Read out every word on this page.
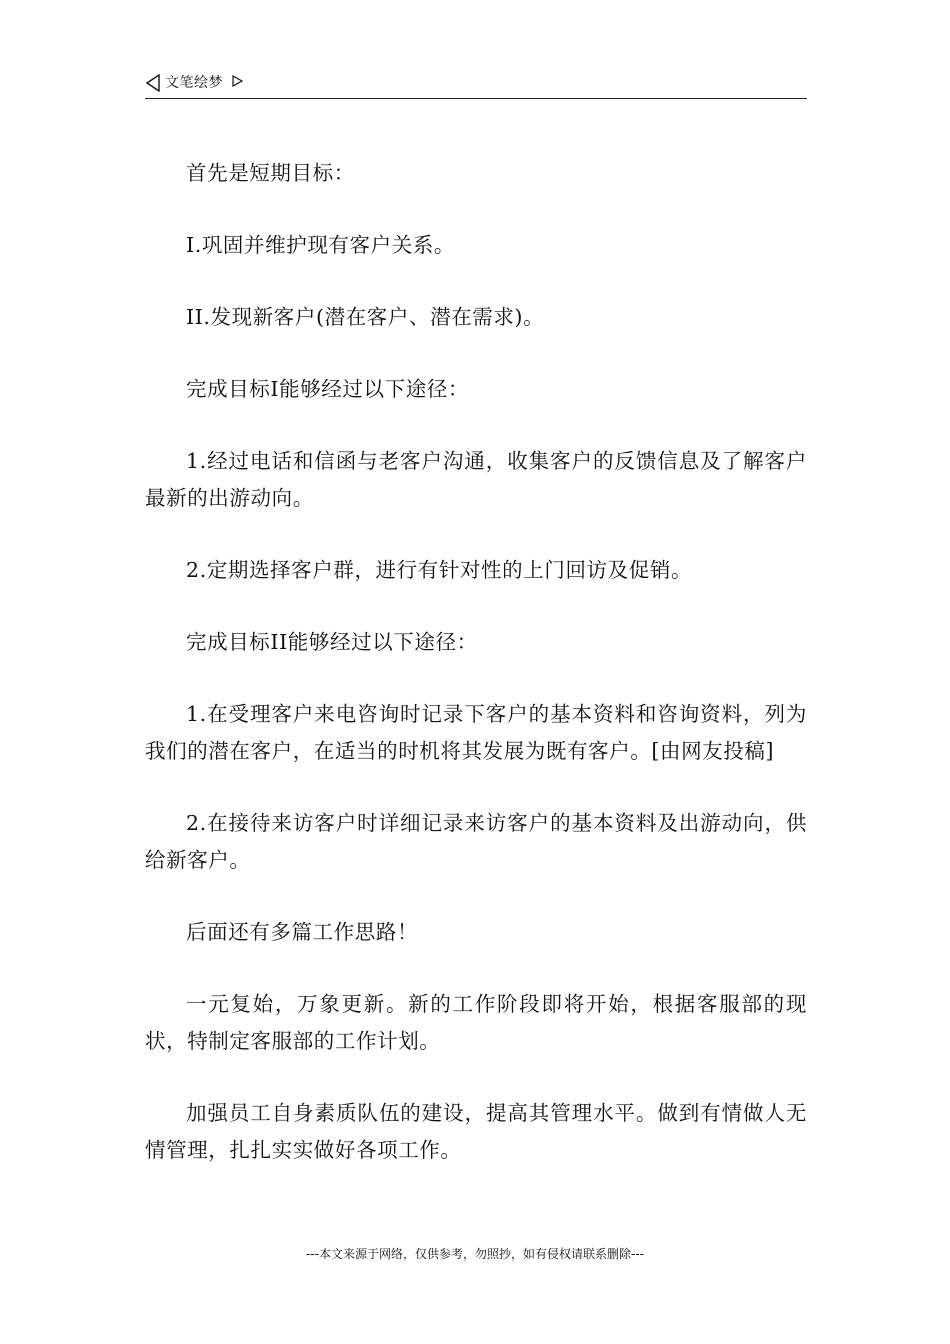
文笔绘梦

首先是短期目标：

I.巩固并维护现有客户关系。

II.发现新客户(潜在客户、潜在需求)。

完成目标I能够经过以下途径：

1.经过电话和信函与老客户沟通，收集客户的反馈信息及了解客户最新的出游动向。

2.定期选择客户群，进行有针对性的上门回访及促销。

完成目标II能够经过以下途径：

1.在受理客户来电咨询时记录下客户的基本资料和咨询资料，列为我们的潜在客户，在适当的时机将其发展为既有客户。[由网友投稿]

2.在接待来访客户时详细记录来访客户的基本资料及出游动向，供给新客户。

后面还有多篇工作思路！

一元复始，万象更新。新的工作阶段即将开始，根据客服部的现状，特制定客服部的工作计划。

加强员工自身素质队伍的建设，提高其管理水平。做到有情做人无情管理，扎扎实实做好各项工作。

---本文来源于网络，仅供参考，勿照抄，如有侵权请联系删除---
